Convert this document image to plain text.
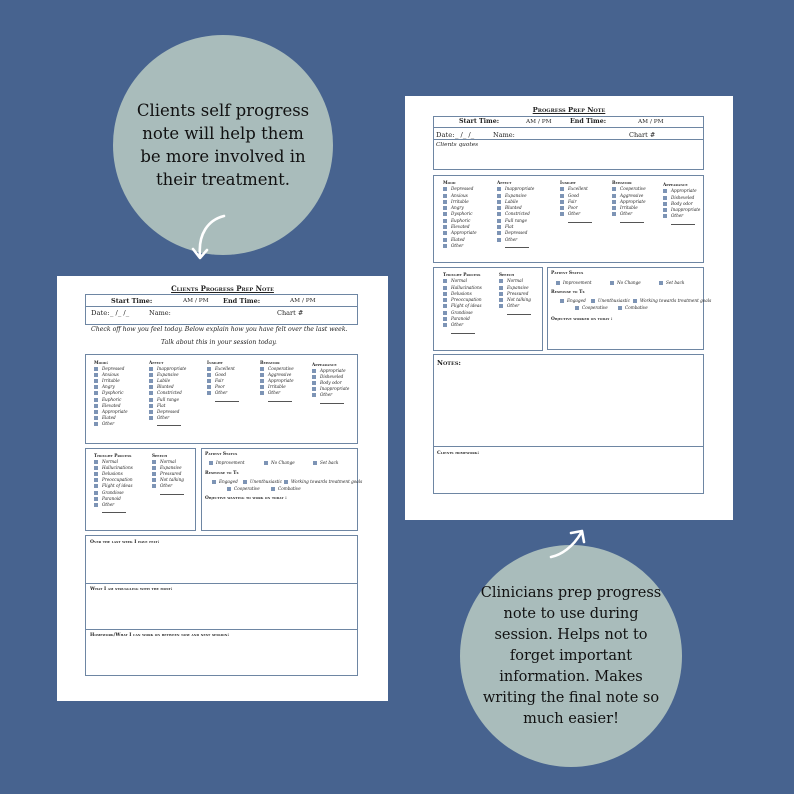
Clients self progress note will help them be more involved in their treatment.
Clinicians prep progress note to use during session. Helps not to forget important information. Makes writing the final note so much easier!
Clients Progress Prep Note
Start Time:	AM / PM End Time:	AM / PM
Date: _ /_ /_	Name:	Chart #
Check off how you feel today. Below explain how you have felt over the last week.
Talk about this in your session today.
Mood:
Depressed
Anxious
Irritable
Angry
Dysphoric
Euphoric
Elevated
Appropriate
Elated
Other
Affect
Inappropriate
Expansive
Labile
Blunted
Constricted
Full range
Flat
Depressed
Other
Insight
Excellent
Good
Fair
Poor
Other
Behavior
Cooperative
Aggressive
Appropriate
Irritable
Other
Appearance
Appropriate
Disheveled
Body odor
Inappropriate
Other
Thought Process
Normal
Hallucinations
Delusions
Preoccupation
Flight of ideas
Grandiose
Paranoid
Other
Speech
Normal
Expansive
Pressured
Not talking
Other
Patient Status
Improvement	No Change	Set back
Response to Tx
Engaged	Unenthusiastic	Working towards treatment goals
Cooperative	Combative
Objective wanting to work on today :
Over the last week I have felt:
What I am struggling with the most:
Homework/What I can work on between now and next session:
Progress Prep Note
Start Time:	AM / PM	End Time:	AM / PM
Date: _ /_ /_	Name:	Chart #
Clients quotes
Mood
Depressed
Anxious
Irritable
Angry
Dysphoric
Euphoric
Elevated
Appropriate
Elated
Other
Affect
Inappropriate
Expansive
Labile
Blunted
Constricted
Full range
Flat
Depressed
Other
Insight
Excellent
Good
Fair
Poor
Other
Behavior
Cooperative
Aggressive
Appropriate
Irritable
Other
Appearance
Appropriate
Disheveled
Body odor
Inappropriate
Other
Thought Process
Normal
Hallucinations
Delusions
Preoccupation
Flight of ideas
Grandiose
Paranoid
Other
Speech
Normal
Expansive
Pressured
Not talking
Other
Patient Status
Improvement	No Change	Set back
Response to Tx
Engaged	Unenthusiastic	Working towards treatment goals
Cooperative	Combative
Objective worked on today :
Notes:
Clients homework:
